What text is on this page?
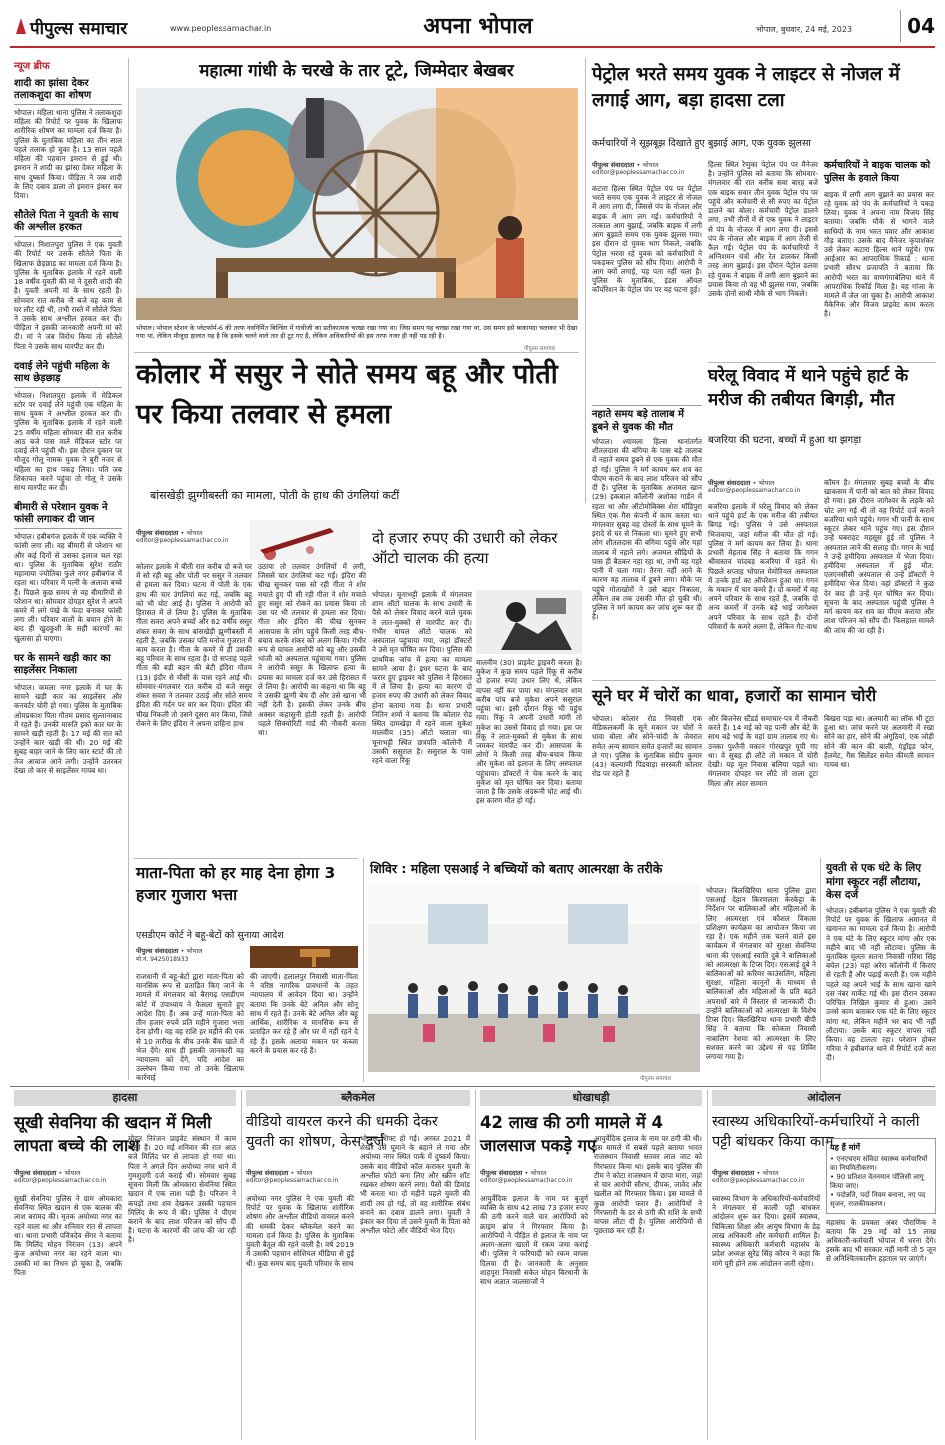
पीपुल्स समाचार	www.peoplessamachar.in	अपना भोपाल	भोपाल, बुधवार, 24 मई, 2023	04
न्यूज ब्रीफ
शादी का झांसा देकर तलाकशुदा का शोषण
भोपाल। महिला थाना पुलिस ने तलाकशुदा महिला की रिपोर्ट पर युवक के खिलाफ शारीरिक शोषण का मामला दर्ज किया है। पुलिस के मुताबिक महिला का तीन साल पहले तलाक हो चुका है। 13 साल पहले महिला की पहचान इमरान से हुई थी। इमरान ने शादी का झांसा देकर महिला के साथ दुष्कर्म किया। पीड़िता ने जब शादी के लिए दबाव डाला तो इमरान इंकार कर दिया।
सौतेले पिता ने युवती के साथ की अश्लील हरकत
भोपाल। निशातपुरा पुलिस ने एक युवती की रिपोर्ट पर उसके सौतेले पिता के खिलाफ छेड़छाड़ का मामला दर्ज किया है। पुलिस के मुताबिक इलाके में रहने वाली 18 वर्षीय युवती की मां ने दूसरी शादी की है। युवती अपनी मां के साथ रहती है। सोमवार रात करीब नौ बजे वह काम से घर लौट रही थी, तभी रास्ते में सौतेले पिता ने उसके साथ अश्लील हरकत कर दी। पीड़िता ने इसकी जानकारी अपनी मां को दी। मां ने जब विरोध किया तो सौतेले पिता ने उसके साथ मारपीट कर दी।
दवाई लेने पहुंची महिला के साथ छेड़छाड़
भोपाल। निशातपुरा इलाके में मेडिकल स्टोर पर दवाई लेने पहुंची एक महिला के साथ युवक ने अश्लील हरकत कर दी। पुलिस के मुताबिक इलाके में रहने वाली 25 वर्षीय महिला सोमवार की रात करीब आठ बजे पास वाले मेडिकल स्टोर पर दवाई लेने पहुंची थी। इस दौरान दुकान पर मौजूद गोलू नामक युवक ने बुरी नजर से महिला का हाथ पकड़ लिया। पति जब शिकायत करने पहुंचा तो गोलू ने उसके साथ मारपीट कर दी।
बीमारी से परेशान युवक ने फांसी लगाकर दी जान
भोपाल। हबीबगंज इलाके में एक व्यक्ति ने फांसी लगा ली। वह बीमारी से परेशान था और कई दिनों से उसका इलाज चल रहा था। पुलिस के मुताबिक सुरेश राठौर महामाया ज्योतिबा फुले नगर हबीबगंज में रहता था। परिवार में पत्नी के अलावा बच्चे हैं। पिछले कुछ समय से वह बीमारियों से परेशान था। सोमवार दोपहर सुरेश ने अपने कमरे में लगे पंखे के फंदा बनाकर फांसी लगा ली। परिवार वालों के बयान होने के बाद ही खुदकुशी के सही कारणों का खुलासा हो पाएगा।
घर के सामने खड़ी कार का साइलेंसर निकाला
भोपाल। कमला नगर इलाके में घर के सामने खड़ी कार का साइलेंसर और कनवर्टर चोरी हो गया। पुलिस के मुताबिक ओमप्रकाश पिता गौतम प्रसाद सुल्तानाबाद में रहते हैं। उनकी मारुति इको कार घर के सामने खड़ी रहती है। 17 मई की रात को उन्होंने कार खड़ी की थी। 20 मई की सुबह बाहर जाने के लिए कार स्टार्ट की तो तेज आवाज आने लगी। उन्होंने उतरकर देखा तो कार से साइलेंसर गायब था।
महात्मा गांधी के चरखे के तार टूटे, जिम्मेदार बेखबर
भोपाल। भोपाल स्टेशन के प्लेटफॉर्म-6 की तरफ नवनिर्मित बिल्डिंग में गांधीजी का प्रतीकात्मक चरखा रखा गया था। जिस समय यह चरखा रखा गया था, उस समय इसे बाकायदा चलाकर भी देखा गया था, लेकिन मौजूदा हालात यह है कि इसके चलने वाले तार ही टूट गए हैं, लेकिन अधिकारियों की इस तरफ नजर ही नहीं पड़ रही है।
पीपुल्स समाचार
पेट्रोल भरते समय युवक ने लाइटर से नोजल में लगाई आग, बड़ा हादसा टला
कर्मचारियों ने सूझबूझ दिखाते हुए बुझाई आग, एक युवक झुलसा
पीपुल्स संवाददाता • भोपाल
editor@peoplessamachar.co.in
कटारा हिल्स स्थित पेट्रोल पंप पर पेट्रोल भरते समय एक युवक ने लाइटर से नोजल में आग लगा दी, जिससे पंप के नोजल और बाइक में आग लग गई। कर्मचारियों ने तत्काल आग बुझाई, जबकि बाइक में लगी आग बुझाते समय एक युवक झुलस गया। इस दौरान दो युवक भाग निकले, जबकि पेट्रोल भरवा रहे युवक को कर्मचारियों ने पकड़कर पुलिस को सौंप दिया। आरोपी ने आग क्यों लगाई, यह पता नहीं चला है। पुलिस के मुताबिक, इंडस ऑयल कॉर्पोरेशन के पेट्रोल पंप पर यह घटना हुई।
हिल्स स्थित रेणुका पेट्रोल पंप पर मैनेजर है। उन्होंने पुलिस को बताया कि सोमवार-मंगलवार की रात करीब सवा बारह बजे एक बाइक सवार तीन युवक पेट्रोल पंप पर पहुंचे और कर्मचारी से सौ रुपए का पेट्रोल डालने का बोला। कर्मचारी पेट्रोल डालने लगा, तभी तीनों में से एक युवक ने लाइटर से पंप के नोजल में आग लगा दी। इससे पंप के नोजल और बाइक में आग तेजी से फैल गई। पेट्रोल पंप के कर्मचारियों ने अग्निशमन यंत्रों और रेत डालकर किसी तरह आग बुझाई। इस दौरान पेट्रोल डलवा रहे युवक ने बाइक में लगी आग बुझाने का प्रयास किया तो वह भी झुलस गया, जबकि उसके दोनों साथी मौके से भाग निकले।
कर्मचारियों ने बाइक चालक को पुलिस के हवाले किया
बाइक में लगी आग बुझाने का प्रयास कर रहे युवक को पंप के कर्मचारियों ने पकड़ लिया। युवक ने अपना नाम विजय सिंह बताया। जबकि मौके से भागने वाले साथियों के नाम भरत पवार और आकाश गौड़ बताए। उसके बाद मैनेजर कृपाशंकर उसे लेकर कटारा हिल्स थाने पहुंचे। एफ आईआर का आपराधिक रिकार्ड : थाना प्रभारी सौरभ प्रजापति ने बताया कि आरोपी भरत का वाणगंगाबेलिया थाने में आपराधिक रिकॉर्ड मिला है। वह गांजा के मामले में जेल जा चुका है। आरोपी आकाश मैकेनिक और विजय प्राइवेट काम करता है।
नहाते समय बड़े तालाब में डूबने से युवक की मौत
भोपाल। श्यामला हिल्स थानांतर्गत शीतलदास की बगिया के पास बड़े तालाब में नहाते समय डूबने से एक युवक की मौत हो गई। पुलिस ने मर्ग कायम कर शव का पीएम कराने के बाद लाश परिजन को सौंप दी है। पुलिस के मुताबिक अजमल खान (29) इकबाल कॉलोनी अशोका गार्डन में रहता था और ऑटोमोबिक्स शेरा मॉडिपुरा स्थित एक गैस कंपनी में काम करता था। मंगलवार सुबह वह दोस्तों के साथ घूमने के इरादे से घर से निकला था। घूमने हुए सभी लोग शीतलदास की बगिया पहुंचे और यहां तालाब में नहाने लगे। अजमल सीढ़ियों के पास ही बैठकर नहा रहा था, तभी वह गहरे पानी में चला गया। तैरना नहीं आने के कारण वह तालाब में डूबने लगा। मौके पर पहुंचे गोताखोरों ने उसे बाहर निकाला, लेकिन तब तक उसकी मौत हो चुकी थी। पुलिस ने मर्ग कायम कर जांच शुरू कर दी है।
घरेलू विवाद में थाने पहुंचे हार्ट के मरीज की तबीयत बिगड़ी, मौत
बजरिया की घटना, बच्चों में हुआ था झगड़ा
पीपुल्स संवाददाता • भोपाल
editor@peoplessamachar.co.in
बजरिया इलाके में घरेलू विवाद को लेकर थाने पहुंचे हार्ट के एक मरीज की तबीयत बिगड़ गई। पुलिस ने उसे अस्पताल भिजवाया, जहां मरीज की मौत हो गई। पुलिस ने मर्ग कायम कर लिया है। थाना प्रभारी मेहताब सिंह ने बताया कि गगन श्रीवास्तव चांदबड़ बजरिया में रहते थे। पिछले सप्ताह भोपाल मेमोरियल अस्पताल में उनके हार्ट का ऑपरेशन हुआ था। गगन के मकान में चार कमरे हैं। दो कमरों में वह अपने परिवार के साथ रहते हैं, जबकि दो अन्य कमरों में उनके बड़े भाई जागेश्वर अपने परिवार के साथ रहते हैं। दोनों परिवारों के कमरे अलग हैं, लेकिन गेट-वाथ
कॉमन है। मंगलवार सुबह बच्चों के बीच खाकसम में पानी को बात को लेकर विवाद हो गया। इस दौरान जागेश्वर के लड़के को चोट लग गई थी तो वह रिपोर्ट दर्ज कराने बजरिया थाने पहुंचे। गगन भी पानी के साथ स्कूटर लेकर थाने पहुंच गए। इस दौरान उन्हें घबराहट महसूस हुई तो पुलिस ने अस्पताल जाने की सलाह दी। गगन के भाई ने उन्हें हमीदिया अस्पताल में भेजा दिया। हमीदिया अस्पताल में हुई मौत: एलएनसीसी अस्पताल से उन्हें डॉक्टरों ने हमीदिया भेज दिया। वहां डॉक्टरों ने कुछ देर बाद ही उन्हें मृत घोषित कर दिया। सूचना के बाद अस्पताल पहुंची पुलिस ने मर्ग कायम कर शव का पीएम कराया और लाश परिजन को सौंप दी। फिलहाल मामले की जांच की जा रही है।
कोलार में ससुर ने सोते समय बहू और पोती पर किया तलवार से हमला
बांसखेड़ी झुग्गीबस्ती का मामला, पोती के हाथ की उंगलियां कटीं
पीपुल्स संवाददाता • भोपाल
editor@peoplessamachar.co.in
कोलार इलाके में बीती रात करीब दो बजे घर में सो रही बहू और पोती पर ससुर ने तलवार से हमला कर दिया। घटना में पोती के एक हाथ की चार उंगलियां कट गई, जबकि बहू को भी चोट आई है। पुलिस ने आरोपी को हिरासत में ले लिया है। पुलिस के मुताबिक गीता सवरा अपने बच्चों और 62 वर्षीय ससुर शंकर सवरा के साथ बांसखेड़ी झुग्गीबस्ती में रहती है, जबकि उसका पति मनोज गुजरात में काम करता है। गीता के कमरे में ही उसकी बहू परिवार के साथ रहता है। दो सप्ताह पहले गीता की बड़ी बहन की बेटी इंदिरा गौतम (13) इंदौर से मौसी के पास रहने आई थी। सोमवार-मंगलवार रात करीब दो बजे ससुर शंकर सवरा ने तलवार उठाई और सोते समय इंदिरा की गर्दन पर वार कर दिया। इंदिरा की चीख निकली तो उसने दूसरा वार किया, जिसे रोकने के लिए इंदिरा ने अपना दाहिना हाथ
उठाया तो तलवार उंगलियों में लगी, जिससे चार उंगलियां कट गईं। इंदिरा की चीख सुनकर पास सो रही गीता ने शोर मचाते हुए पी सी रही गीता ने शोर मचाते हुए ससुर को रोकने का प्रयास किया तो उस पर भी तलवार से हमला कर दिया। गीता और इंदिरा की चीख सुनकर आसपास के लोग पहुंचे किसी तरह बीच-बचाव करके शंकर को अलग किया। गंभीर रूप से घायल आरोपी को बहू और उसकी भांजी को अस्पताल पहुंचाया गया। पुलिस ने आरोपी ससुर के खिलाफ हत्या के प्रयास का मामला दर्ज कर उसे हिरासत में ले लिया है। आरोपी का कहना था कि बहू ने उसकी झुग्गी बेच दी और उसे खाना भी नहीं देती है। इसकी लेकर उनके बीच अक्सर कहासुनी होती रहती है। आरोपी पहले सिक्योरिटी गार्ड की नौकरी करता था।
दो हजार रुपए की उधारी को लेकर ऑटो चालक की हत्या
भोपाल। चूनाभट्टी इलाके में मंगलवार शाम ऑटो चालक के साथ उधारी के पैसे को लेकर विवाद करने वाले युवक ने लात-मुक्कों से मारपीट कर दी। गंभीर घायल ऑटो चालक को अस्पताल पहुंचाया गया, जहां डॉक्टरों ने उसे मृत घोषित कर दिया। पुलिस की प्राथमिक जांच में हत्या का मामला सामने आया है। इधर घटना के बाद फरार हुए ड्राइवर को पुलिस ने हिरासत में ले लिया है। हत्या का कारण दो हजार रुपए की उधारी को लेकर विवाद होना बताया गया है। थाना प्रभारी नितिन शर्मा ने बताया कि कोलार रोड स्थित दामखेड़ा में रहने वाला मुकेश मालवीय (35) ऑटो चलाता था। चूनाभट्टी स्थित छत्रपति कॉलोनी में उसकी ससुराल है। ससुराल के पास रहने वाला रिंकू
मालवीय (30) प्राइवेट ड्राइवरी करता है। मुकेश ने कुछ समय पहले रिंकू से करीब दो हजार रुपए उधार लिए थे, लेकिन वापस नहीं कर पाया था। मंगलवार शाम करीब पांच बजे मुकेश अपने ससुराल पहुंचा था। इसी दौरान रिंकू भी पहुंच गया। रिंकू ने अपनी उधारी मांगी तो मुकेश का उससे विवाद हो गया। इस पर रिंकू ने लात-मुक्कों से मुकेश के साथ जमकर मारपीट कर दी। आसपास के लोगों ने किसी तरह बीच-बचाव किया और मुकेश को इलाज के लिए अस्पताल पहुंचाया। डॉक्टरों ने चेक करने के बाद मुकेश को मृत घोषित कर दिया। बताया जाता है कि उसके अंदरूनी चोट आई थी। इस कारण मौत हो गई।
सूने घर में चोरों का धावा, हजारों का सामान चोरी
भोपाल। कोलार रोड निवासी एक मेडिकलकर्मी के सूने मकान पर चोरों ने धावा बोला और सोने-चांदी के जेवरात समेत अन्य सामान समेत हजारों का सामान ले गए। पुलिस के मुताबिक संदीप कुमार (43) कल्याणी पिंडवाड़ा सरस्वती कोलार रोड पर रहते हैं
और बिजनेस स्टैंडर्ड समाचार-पत्र में नौकरी करते हैं। 14 मई को वह पत्नी और बेटे के साथ बड़े भाई के यहां ग्राम तालाब गए थे। उनका पुश्तैनी मकान गोरखपुर यूपी गए था। वे सुबह ही लौटे तो मकान में चोरी देखी। यह मूल निवास बलिया पहले था। मंगलवार दोपहर घर लौटे तो ताला टूटा मिला और अंदर सामान
बिखरा पड़ा था। अलमारी का लॉक भी टूटा हुआ था। जांच करने पर अलमारी में रखा सोने का हार, सोने की अंगूठियां, एक जोड़ी सोने की कान की बाली, एंड्रॉइड फोन, हैलमेट, गैस सिलेंडर समेत कीमती सामान गायब था।
माता-पिता को हर माह देना होगा 3 हजार गुजारा भत्ता
एसडीएम कोर्ट ने बहू-बेटों को सुनाया आदेश
पीपुल्स संवाददाता • भोपाल
मो.नं. 9425018933
राजधानी में बहू-बेटों द्वारा माता-पिता को मानसिक रूप से प्रताड़ित किए जाने के मामले में मंगलवार को बैरागढ़ एसडीएम कोर्ट में उपाध्याय ने फैसला सुनाते हुए आदेश दिए हैं। अब उन्हें माता-पिता को तीन हजार रुपये प्रति महीने गुजारा भत्ता देना होगी। यह वह राशि हर महीने की एक से 10 तारीख के बीच उनके बैंक खाते में भेज देंगे। साथ ही इसकी जानकारी वह न्यायालय को देंगे, यदि आदेश का उल्लंघन किया गया तो उनके खिलाफ कार्रवाई
की जाएगी। हलालपुर निवासी माता-पिता ने वरिष्ठ नागरिक प्रावधानों के तहत न्यायालय में आवेदन दिया था। उन्होंने बताया कि उनके बेटे अनिल और सोनू साथ में रहते हैं। उनके बेटे अनिल और बहू आर्थिक, शारीरिक व मानसिक रूप से प्रताड़ित कर रहे हैं और घर में नहीं रहने दे रहे हैं। इसके अलावा मकान पर कब्जा करने के प्रयास कर रहे हैं।
शिविर : महिला एसआई ने बच्चियों को बताए आत्मरक्षा के तरीके
पीपुल्स समाचार
भोपाल। बिलखिरिया थाना पुलिस द्वारा एसआई देहान किरणलता केरकेट्टा के निर्देशन पर बालिकाओं और महिलाओं के लिए आत्मरक्षा एवं कौशल विकास प्रशिक्षण कार्यक्रम का आयोजन किया जा रहा है। एक महीने तक चलने वाले इस कार्यक्रम में मंगलवार को सुरक्षा सेवनिया थाना की एसआई स्वाति दुबे ने बालिकाओं को आत्मरक्षा के टिप्स दिए। एसआई दुबे ने बालिकाओं को करियर काउंसलिंग, महिला सुरक्षा, महिला कानूनों के माध्यम से बालिकाओं और महिलाओं के प्रति बढ़ते अपराधों बारे में विस्तार से जानकारी दी। उन्होंने बालिकाओं को आत्मरक्षा के विशेष टिप्स दिए। बिलखिरिया थाना प्रभारी बीपी सिंह ने बताया कि कोकता निवासी नाबालिग रेशमा को आत्मरक्षा के लिए सशक्त करने का उद्देश्य से यह शिविर लगाया गया है।
युवती से एक घंटे के लिए मांगा स्कूटर नहीं लौटाया, केस दर्ज
भोपाल। हबीबगंज पुलिस ने एक युवती की रिपोर्ट पर युवक के खिलाफ अमानत में खयानत का मामला दर्ज किया है। आरोपी ने एक घंटे के लिए स्कूटर मांगा और एक महीने बाद भी नहीं लौटाया। पुलिस के मुताबिक मूलतः सतना निवासी गरिमा सिंह बघेल (23) यहां अरेरा कॉलोनी में किराए से रहती हैं और पढ़ाई करती हैं। एक महीने पहले वह अपने भाई के साथ खाना खाने दस नंबर मार्केट गई थी। इस दौरान उसका परिचित निखिल कुमार से हुआ। उसने उनसे काम बताकर एक घंटे के लिए स्कूटर मांगा था, लेकिन महीने भर बाद भी नहीं लौटाया। उसके बाद स्कूटर वापस नहीं किया। वह टालता रहा। परेशान होकर गरिमा ने हबीबगंज थाने में रिपोर्ट दर्ज करा दी।
हादसा
सूखी सेवनिया की खदान में मिली लापता बच्चे की लाश
पीपुल्स संवाददाता • भोपाल
editor@peoplessamachar.co.in
सूखी सेवनिया पुलिस ने ग्राम ओमकारा सेवनिया स्थित खदान से एक बालक की लाश बरामद की। मृतक अयोध्या नगर का रहने वाला था और शनिवार रात से लापता था। थाना प्रभारी पवित्रदेव सेंगर ने बताया कि मिलिंद मोहन निरंजन (13) अपने कुंज अयोध्या नगर का रहने वाला था। उसकी मां का निधन हो चुका है, जबकि पिता
मोहन निरंजन प्राइवेट संस्थान में काम करते हैं। 20 मई शनिवार की रात आठ बजे मिलिंद घर से लापता हो गया था। पिता ने अगले दिन अयोध्या नगर थाने में गुमशुदगी दर्ज कराई थी। सोमवार सुबह सूचना मिली कि ओमकारा सेवनिया स्थित खदान में एक लाश पड़ी है। परिजन ने कपड़ों तथा शव देखकर उसकी पहचान मिलिंद के रूप में की। पुलिस ने पीएम कराने के बाद लाश परिजन को सौंप दी है। घटना के कारणों की जांच की जा रही है।
ब्लैकमेल
वीडियो वायरल करने की धमकी देकर युवती का शोषण, केस दर्ज
पीपुल्स संवाददाता • भोपाल
editor@peoplessamachar.co.in
अयोध्या नगर पुलिस ने एक युवती की रिपोर्ट पर युवक के खिलाफ शारीरिक शोषण और अश्लील वीडियो वायरल करने की धमकी देकर ब्लैकमेल करने का मामला दर्ज किया है। पुलिस के मुताबिक युवती बैतूल की रहने वाली है। वर्ष 2019 में उसकी पहचान सोशियल मीडिया से हुई थी। कुछ समय बाद युवती परिवार के साथ
भोपाल शिफ्ट हो गई। अगस्त 2021 में शेखर उसे घूमाने के बहाने ले गया और अयोध्या नगर स्थित पार्क में दुष्कर्म किया। उसके बाद वीडियो कॉल कराकर युवती के अश्लील फोटो बना लिए और स्क्रीन शॉट रखकर शोषण करने लगा। पैसों की डिमांड भी करता था। दो महीने पहले युवती की शादी तय हो गई, तो वह शारीरिक संबंध बनाने का दबाव डालने लगा। युवती ने इंकार कर दिया तो उसने युवती के पिता को अश्लील फोटो और वीडियो भेज दिए।
धोखाधड़ी
42 लाख की ठगी मामले में 4 जालसाज पकड़े गए
पीपुल्स संवाददाता • भोपाल
editor@peoplessamachar.co.in
आयुर्वेदिक इलाज के नाम पर बुजुर्ग व्यक्ति के साथ 42 लाख 73 हजार रुपए की ठगी करने वाले चार आरोपियों को क्राइम ब्रांच ने गिरफ्तार किया है। आरोपियों ने पीड़ित से इलाज के नाम पर अलग-अलग खातों में रकम जमा कराई थी। पुलिस ने फरियादी को रकम वापस दिलवा दी है। जानकारी के अनुसार शाहपुरा निवासी सकेत मोहन बिरथानी के साथ अज्ञात जालसाजों ने
आयुर्वेदिक इलाज के नाम पर ठगी की थी। इस मामले में सबसे पहले बताया भारत राजस्थान निवासी सतवर लाल जाट को गिरफ्तार किया था। इसके बाद पुलिस की टीम ने कोटा राजस्थान में छापा मारा, जहां से चार आरोपी सौरभ, दीपक, जावेद और खलील को गिरफ्तार किया। इस मामले में कुछ आरोपी फरार हैं। आरोपियों ने गिरफ्तारी के डर से ठगी की राशि के सभी वापस लौटा दी है। पुलिस आरोपियों से पूछताछ कर रही है।
आंदोलन
स्वास्थ्य अधिकारियों-कर्मचारियों ने काली पट्टी बांधकर किया काम
पीपुल्स संवाददाता • भोपाल
editor@peoplessamachar.co.in
स्वास्थ्य विभाग के अधिकारियों-कर्मचारियों ने मंगलवार से काली पट्टी बांधकर आंदोलन शुरू कर दिया। इसमें स्वास्थ्य, चिकित्सा शिक्षा और आयुष विभाग के डेढ़ लाख अधिकारी और कर्मचारी शामिल हैं। स्वास्थ्य अधिकारी कर्मचारी महासंघ के प्रदेश अध्यक्ष सुरेंद्र सिंह कौरव ने कहा कि मांगे पूरी होने तक आंदोलन जारी रहेगा।
यह हैं मांगें
• एनएचएम संविदा स्वास्थ्य कर्मचारियों का नियमितीकरण।
• 90 प्रतिशत वेतनमान पॉलिसी लागू किया जाए।
• पदोन्नति, पदों नियम बनाना, नए पद सृजन, राजकीयकरण।
महासंघ के प्रवक्ता अंबर पौराणिक ने बताया कि 29 मई को 15 लाख अधिकारी-कर्मचारी भोपाल में धरना देंगे। इसके बाद भी सरकार नहीं मानी तो 5 जून से अनिश्चितकालीन हड़ताल पर जाएंगे।
